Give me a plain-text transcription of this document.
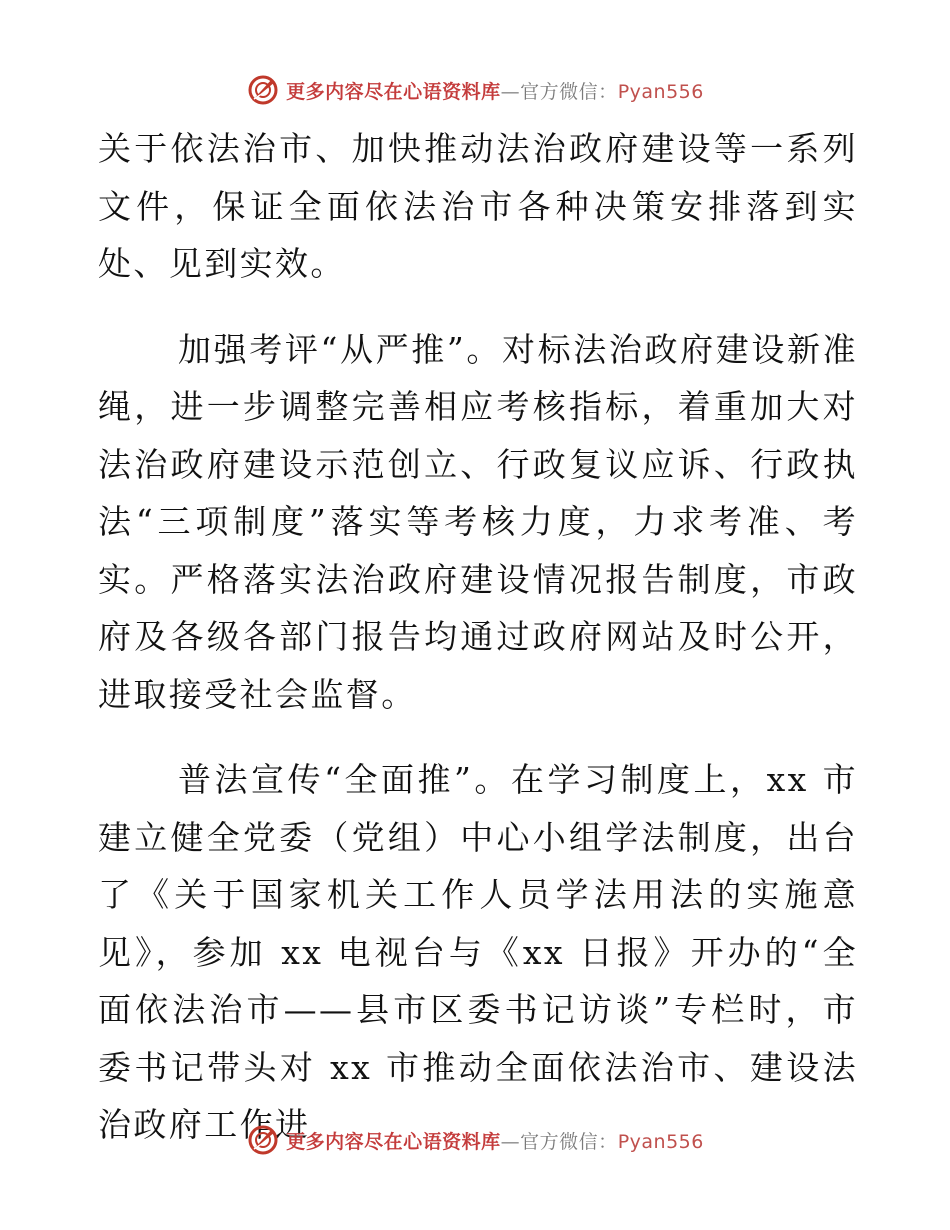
更多内容尽在心语资料库—官方微信：Pyan556

关于依法治市、加快推动法治政府建设等一系列文件，保证全面依法治市各种决策安排落到实处、见到实效。

加强考评“从严推”。对标法治政府建设新准绳，进一步调整完善相应考核指标，着重加大对法治政府建设示范创立、行政复议应诉、行政执法“三项制度”落实等考核力度，力求考准、考实。严格落实法治政府建设情况报告制度，市政府及各级各部门报告均通过政府网站及时公开，进取接受社会监督。

普法宣传“全面推”。在学习制度上，xx 市建立健全党委（党组）中心小组学法制度，出台了《关于国家机关工作人员学法用法的实施意见》，参加 xx 电视台与《xx 日报》开办的“全面依法治市——县市区委书记访谈”专栏时，市委书记带头对 xx 市推动全面依法治市、建设法治政府工作进

更多内容尽在心语资料库—官方微信：Pyan556
